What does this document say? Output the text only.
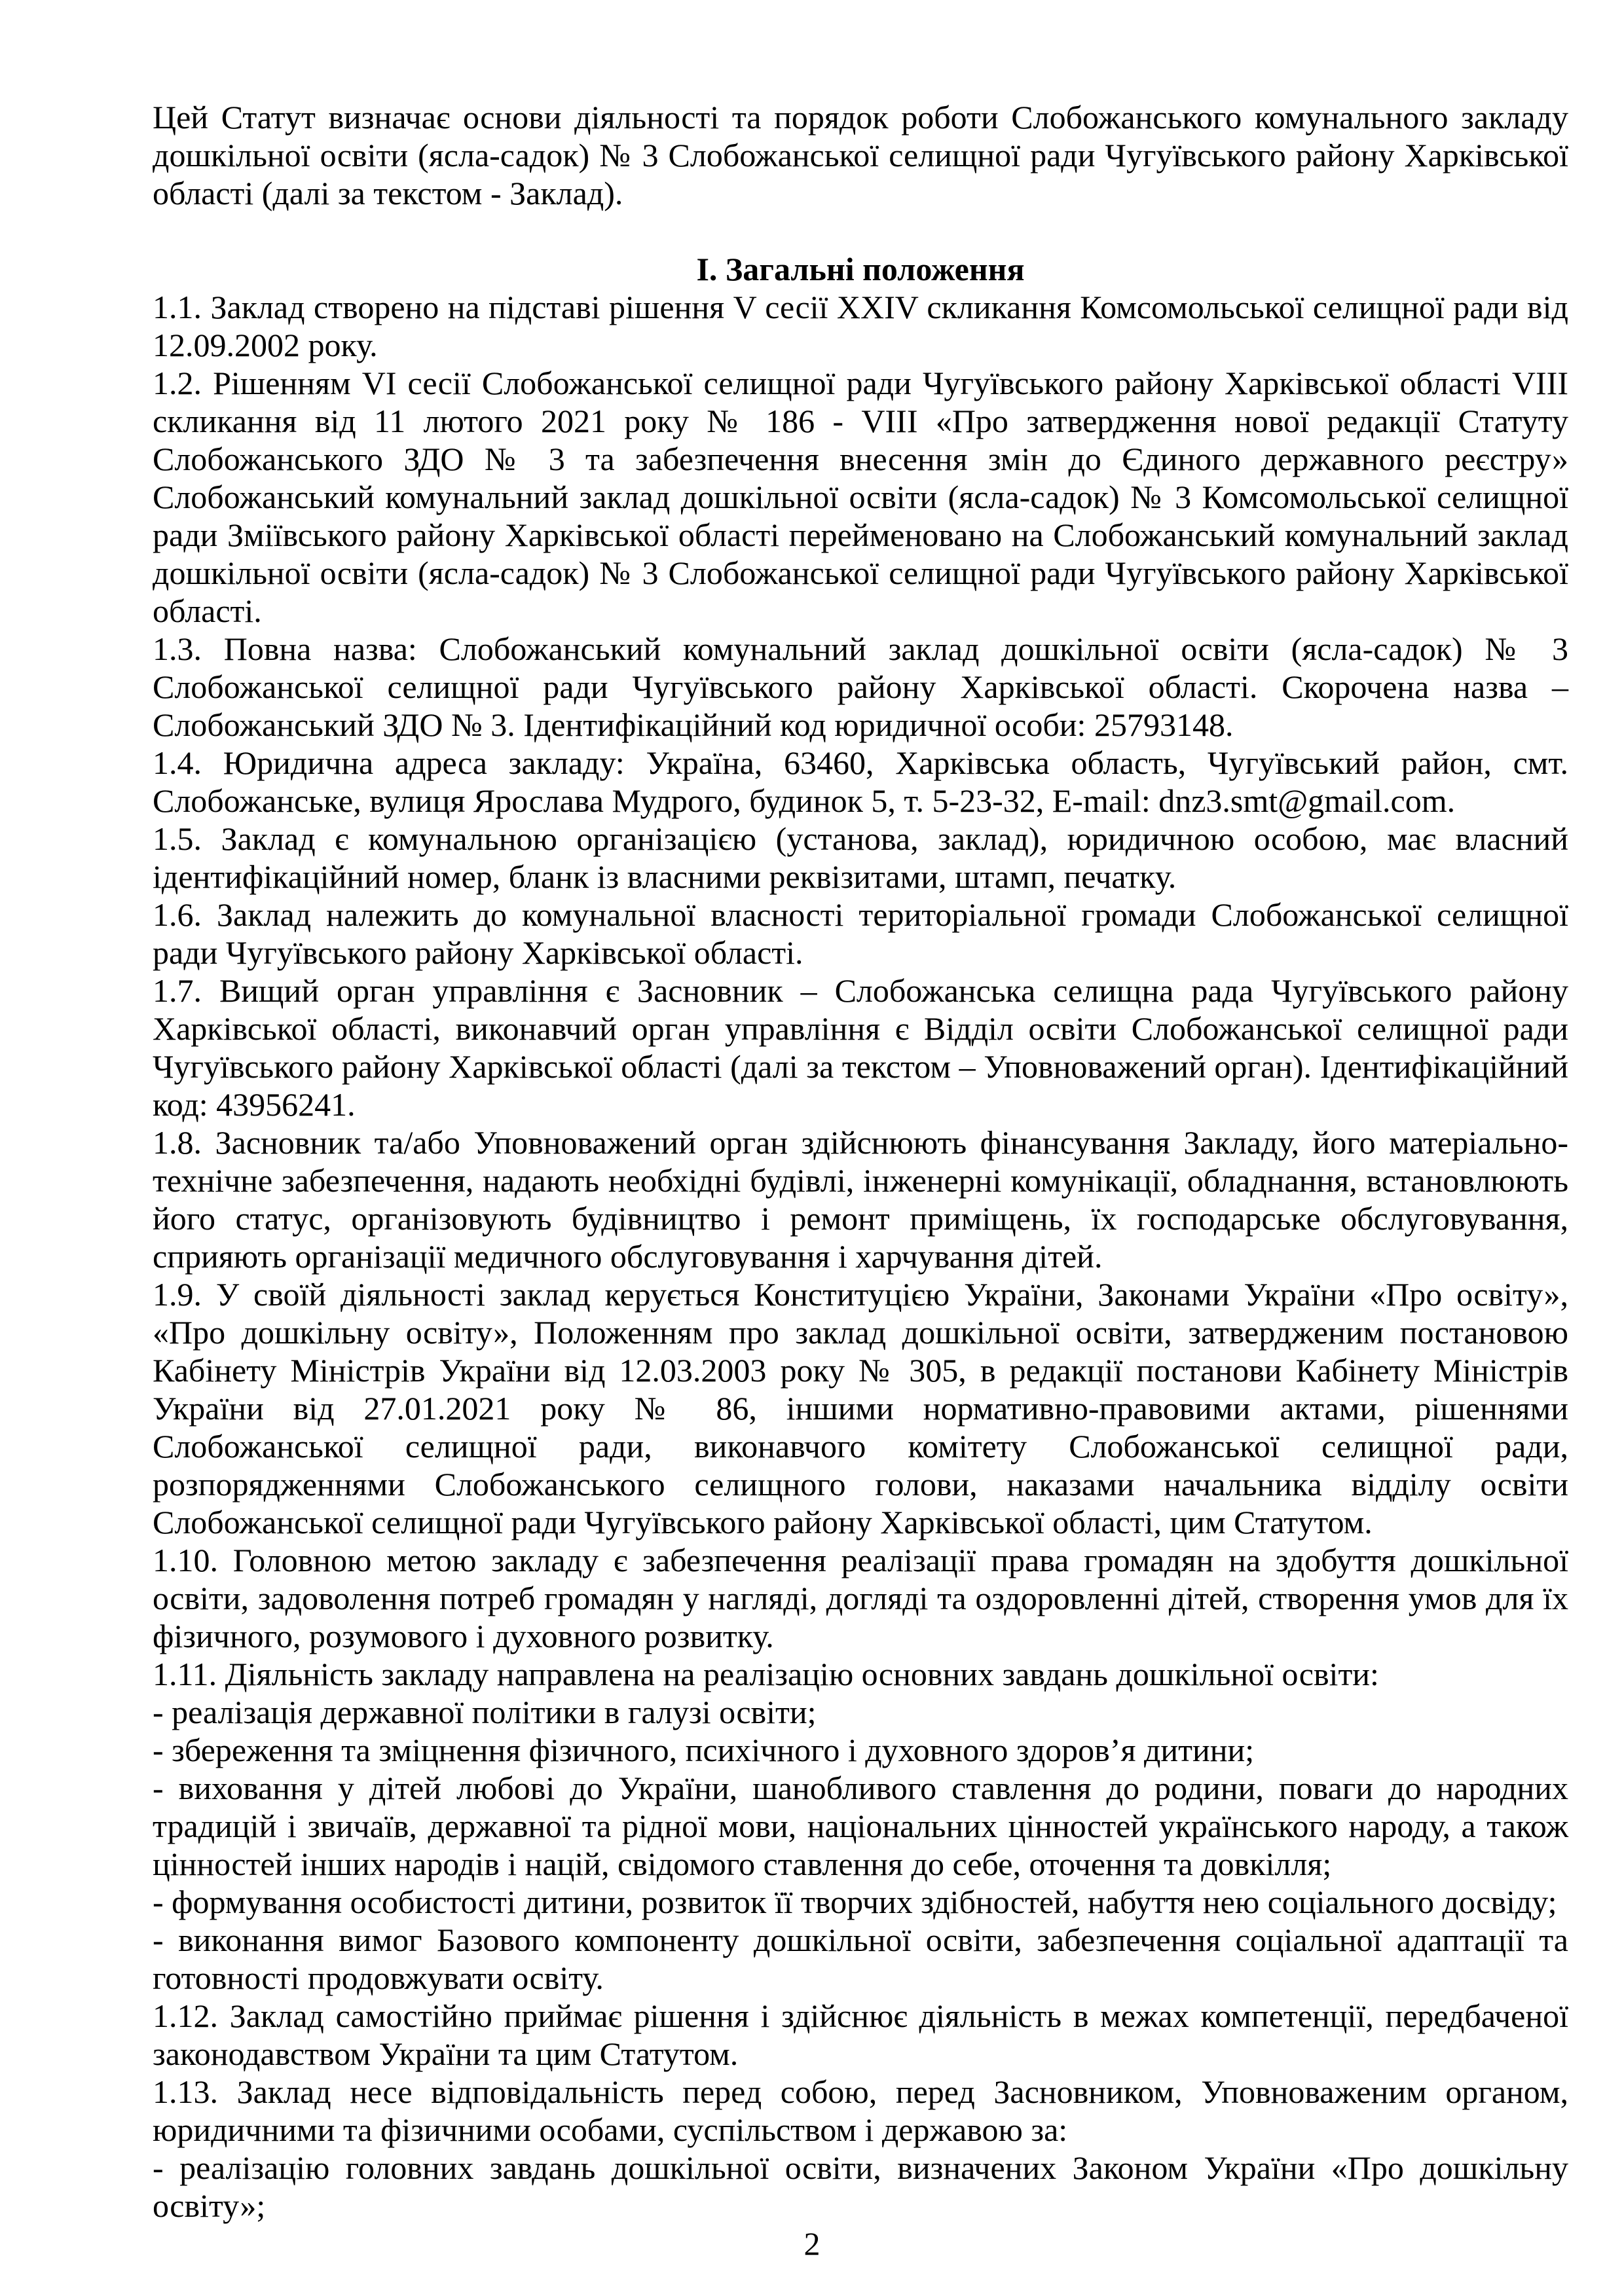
Цей Статут визначає основи діяльності та порядок роботи Слобожанського комунального закладу дошкільної освіти (ясла-садок) № 3 Слобожанської селищної ради Чугуївського району Харківської області (далі за текстом - Заклад).

І. Загальні положення

1.1. Заклад створено на підставі рішення V сесії XXIV скликання Комсомольської селищної ради від 12.09.2002 року.

1.2. Рішенням VI сесії Слобожанської селищної ради Чугуївського району Харківської області VIII скликання від 11 лютого 2021 року № 186 - VIII «Про затвердження нової редакції Статуту Слобожанського ЗДО № 3 та забезпечення внесення змін до Єдиного державного реєстру» Слобожанський комунальний заклад дошкільної освіти (ясла-садок) № 3 Комсомольської селищної ради Зміївського району Харківської області перейменовано на Слобожанський комунальний заклад дошкільної освіти (ясла-садок) № 3 Слобожанської селищної ради Чугуївського району Харківської області.

1.3. Повна назва: Слобожанський комунальний заклад дошкільної освіти (ясла-садок) № 3 Слобожанської селищної ради Чугуївського району Харківської області. Скорочена назва – Слобожанський ЗДО № 3. Ідентифікаційний код юридичної особи: 25793148.

1.4. Юридична адреса закладу: Україна, 63460, Харківська область, Чугуївський район, смт. Слобожанське, вулиця Ярослава Мудрого, будинок 5, т. 5-23-32, E-mail: dnz3.smt@gmail.com.

1.5. Заклад є комунальною організацією (установа, заклад), юридичною особою, має власний ідентифікаційний номер, бланк із власними реквізитами, штамп, печатку.

1.6. Заклад належить до комунальної власності територіальної громади Слобожанської селищної ради Чугуївського району Харківської області.

1.7. Вищий орган управління є Засновник – Слобожанська селищна рада Чугуївського району Харківської області, виконавчий орган управління є Відділ освіти Слобожанської селищної ради Чугуївського району Харківської області (далі за текстом – Уповноважений орган). Ідентифікаційний код: 43956241.

1.8. Засновник та/або Уповноважений орган здійснюють фінансування Закладу, його матеріально-технічне забезпечення, надають необхідні будівлі, інженерні комунікації, обладнання, встановлюють його статус, організовують будівництво і ремонт приміщень, їх господарське обслуговування, сприяють організації медичного обслуговування і харчування дітей.

1.9. У своїй діяльності заклад керується Конституцією України, Законами України «Про освіту», «Про дошкільну освіту», Положенням про заклад дошкільної освіти, затвердженим постановою Кабінету Міністрів України від 12.03.2003 року № 305, в редакції постанови Кабінету Міністрів України від 27.01.2021 року № 86, іншими нормативно-правовими актами, рішеннями Слобожанської селищної ради, виконавчого комітету Слобожанської селищної ради, розпорядженнями Слобожанського селищного голови, наказами начальника відділу освіти Слобожанської селищної ради Чугуївського району Харківської області, цим Статутом.

1.10. Головною метою закладу є забезпечення реалізації права громадян на здобуття дошкільної освіти, задоволення потреб громадян у нагляді, догляді та оздоровленні дітей, створення умов для їх фізичного, розумового і духовного розвитку.

1.11. Діяльність закладу направлена на реалізацію основних завдань дошкільної освіти:

- реалізація державної політики в галузі освіти;

- збереження та зміцнення фізичного, психічного і духовного здоров’я дитини;

- виховання у дітей любові до України, шанобливого ставлення до родини, поваги до народних традицій і звичаїв, державної та рідної мови, національних цінностей українського народу, а також цінностей інших народів і націй, свідомого ставлення до себе, оточення та довкілля;

- формування особистості дитини, розвиток її творчих здібностей, набуття нею соціального досвіду;

- виконання вимог Базового компоненту дошкільної освіти, забезпечення соціальної адаптації та готовності продовжувати освіту.

1.12. Заклад самостійно приймає рішення і здійснює діяльність в межах компетенції, передбаченої законодавством України та цим Статутом.

1.13. Заклад несе відповідальність перед собою, перед Засновником, Уповноваженим органом, юридичними та фізичними особами, суспільством і державою за:

- реалізацію головних завдань дошкільної освіти, визначених Законом України «Про дошкільну освіту»;

2
